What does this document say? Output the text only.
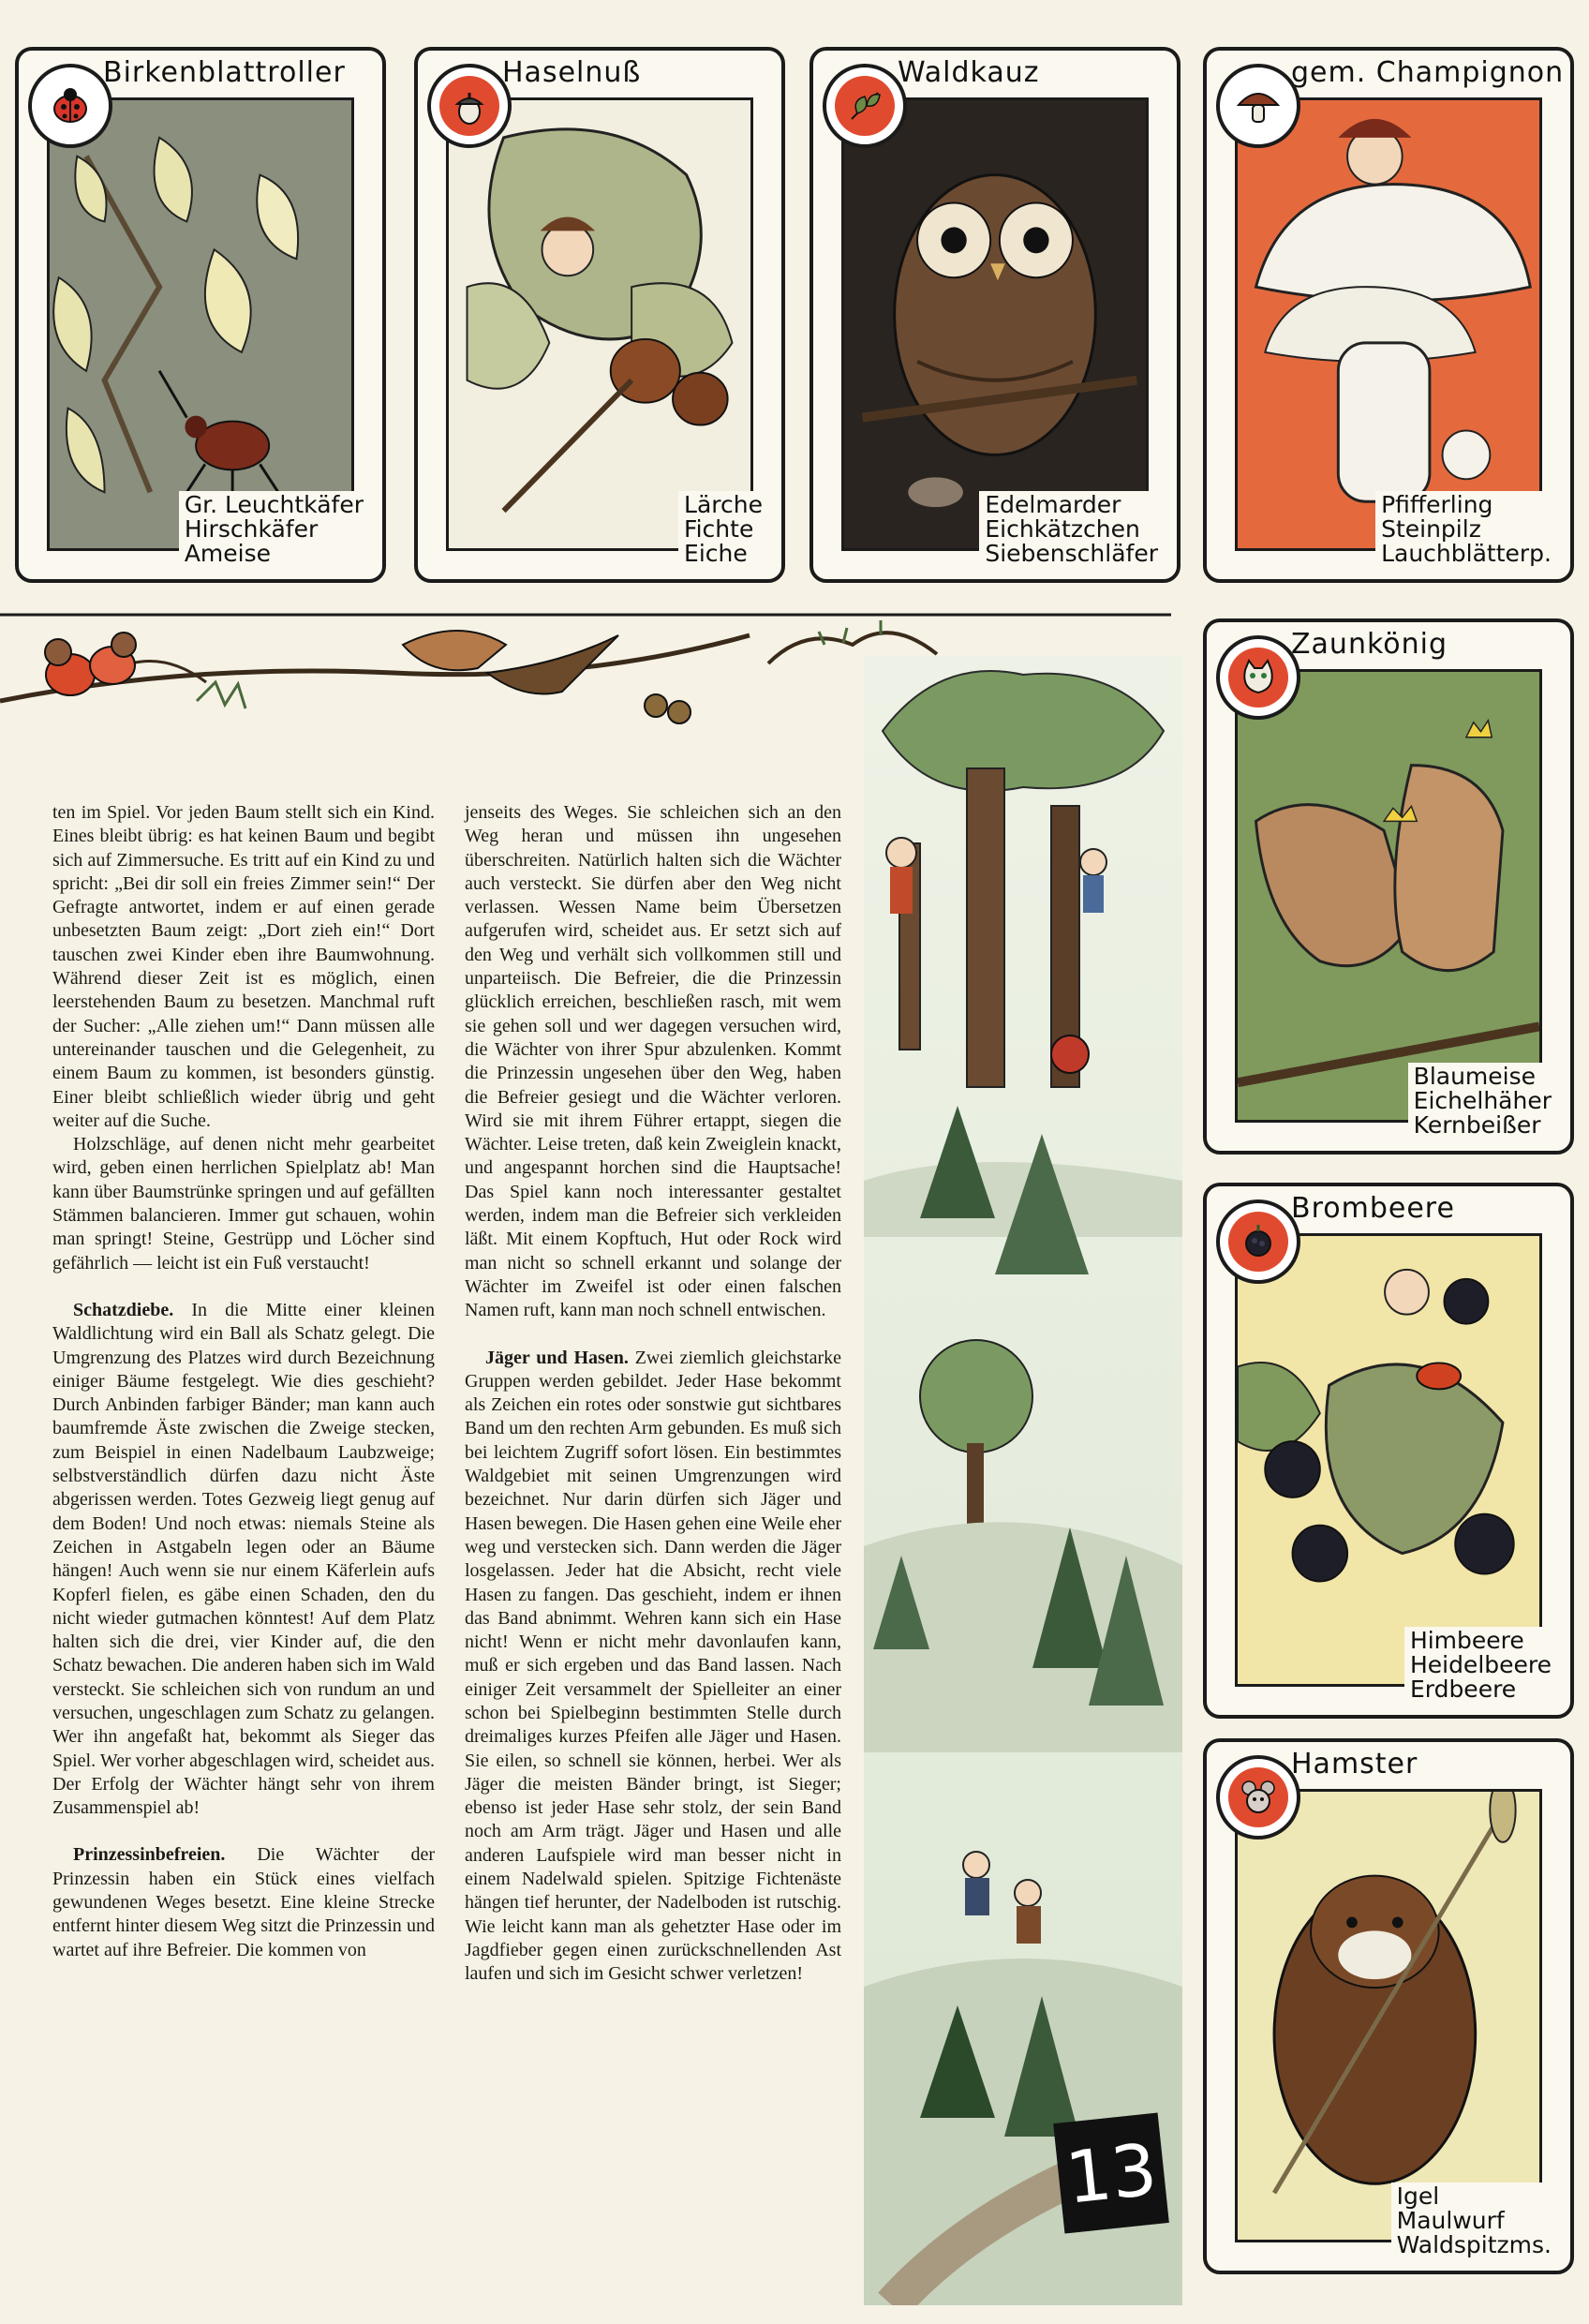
Birkenblattroller
Gr. Leuchtkäfer
Hirschkäfer
Ameise
Haselnuß
Lärche
Fichte
Eiche
Waldkauz
Edelmarder
Eichkätzchen
Siebenschläfer
gem. Champignon
Pfifferling
Steinpilz
Lauchblätterp.
Zaunkönig
Blaumeise
Eichelhäher
Kernbeißer
Brombeere
Himbeere
Heidelbeere
Erdbeere
Hamster
Igel
Maulwurf
Waldspitzms.

ten im Spiel. Vor jeden Baum stellt sich ein Kind. Eines bleibt übrig: es hat keinen Baum und begibt sich auf Zimmersuche. Es tritt auf ein Kind zu und spricht: „Bei dir soll ein freies Zimmer sein!“ Der Gefragte antwortet, indem er auf einen gerade unbesetzten Baum zeigt: „Dort zieh ein!“ Dort tauschen zwei Kinder eben ihre Baumwohnung. Während dieser Zeit ist es möglich, einen leerstehenden Baum zu besetzen. Manchmal ruft der Sucher: „Alle ziehen um!“ Dann müssen alle untereinander tauschen und die Gelegenheit, zu einem Baum zu kommen, ist besonders günstig. Einer bleibt schließlich wieder übrig und geht weiter auf die Suche.

Holzschläge, auf denen nicht mehr gearbeitet wird, geben einen herrlichen Spielplatz ab! Man kann über Baumstrünke springen und auf gefällten Stämmen balancieren. Immer gut schauen, wohin man springt! Steine, Gestrüpp und Löcher sind gefährlich — leicht ist ein Fuß verstaucht!

Schatzdiebe. In die Mitte einer kleinen Waldlichtung wird ein Ball als Schatz gelegt. Die Umgrenzung des Platzes wird durch Bezeichnung einiger Bäume festgelegt. Wie dies geschieht? Durch Anbinden farbiger Bänder; man kann auch baumfremde Äste zwischen die Zweige stecken, zum Beispiel in einen Nadelbaum Laubzweige; selbstverständlich dürfen dazu nicht Äste abgerissen werden. Totes Gezweig liegt genug auf dem Boden! Und noch etwas: niemals Steine als Zeichen in Astgabeln legen oder an Bäume hängen! Auch wenn sie nur einem Käferlein aufs Kopferl fielen, es gäbe einen Schaden, den du nicht wieder gutmachen könntest! Auf dem Platz halten sich die drei, vier Kinder auf, die den Schatz bewachen. Die anderen haben sich im Wald versteckt. Sie schleichen sich von rundum an und versuchen, ungeschlagen zum Schatz zu gelangen. Wer ihn angefaßt hat, bekommt als Sieger das Spiel. Wer vorher abgeschlagen wird, scheidet aus. Der Erfolg der Wächter hängt sehr von ihrem Zusammenspiel ab!

Prinzessinbefreien. Die Wächter der Prinzessin haben ein Stück eines vielfach gewundenen Weges besetzt. Eine kleine Strecke entfernt hinter diesem Weg sitzt die Prinzessin und wartet auf ihre Befreier. Die kommen von

jenseits des Weges. Sie schleichen sich an den Weg heran und müssen ihn ungesehen überschreiten. Natürlich halten sich die Wächter auch versteckt. Sie dürfen aber den Weg nicht verlassen. Wessen Name beim Übersetzen aufgerufen wird, scheidet aus. Er setzt sich auf den Weg und verhält sich vollkommen still und unparteiisch. Die Befreier, die die Prinzessin glücklich erreichen, beschließen rasch, mit wem sie gehen soll und wer dagegen versuchen wird, die Wächter von ihrer Spur abzulenken. Kommt die Prinzessin ungesehen über den Weg, haben die Befreier gesiegt und die Wächter verloren. Wird sie mit ihrem Führer ertappt, siegen die Wächter. Leise treten, daß kein Zweiglein knackt, und angespannt horchen sind die Hauptsache! Das Spiel kann noch interessanter gestaltet werden, indem man die Befreier sich verkleiden läßt. Mit einem Kopftuch, Hut oder Rock wird man nicht so schnell erkannt und solange der Wächter im Zweifel ist oder einen falschen Namen ruft, kann man noch schnell entwischen.

Jäger und Hasen. Zwei ziemlich gleichstarke Gruppen werden gebildet. Jeder Hase bekommt als Zeichen ein rotes oder sonstwie gut sichtbares Band um den rechten Arm gebunden. Es muß sich bei leichtem Zugriff sofort lösen. Ein bestimmtes Waldgebiet mit seinen Umgrenzungen wird bezeichnet. Nur darin dürfen sich Jäger und Hasen bewegen. Die Hasen gehen eine Weile eher weg und verstecken sich. Dann werden die Jäger losgelassen. Jeder hat die Absicht, recht viele Hasen zu fangen. Das geschieht, indem er ihnen das Band abnimmt. Wehren kann sich ein Hase nicht! Wenn er nicht mehr davonlaufen kann, muß er sich ergeben und das Band lassen. Nach einiger Zeit versammelt der Spielleiter an einer schon bei Spielbeginn bestimmten Stelle durch dreimaliges kurzes Pfeifen alle Jäger und Hasen. Sie eilen, so schnell sie können, herbei. Wer als Jäger die meisten Bänder bringt, ist Sieger; ebenso ist jeder Hase sehr stolz, der sein Band noch am Arm trägt. Jäger und Hasen und alle anderen Laufspiele wird man besser nicht in einem Nadelwald spielen. Spitzige Fichtenäste hängen tief herunter, der Nadelboden ist rutschig. Wie leicht kann man als gehetzter Hase oder im Jagdfieber gegen einen zurückschnellenden Ast laufen und sich im Gesicht schwer verletzen!

13
